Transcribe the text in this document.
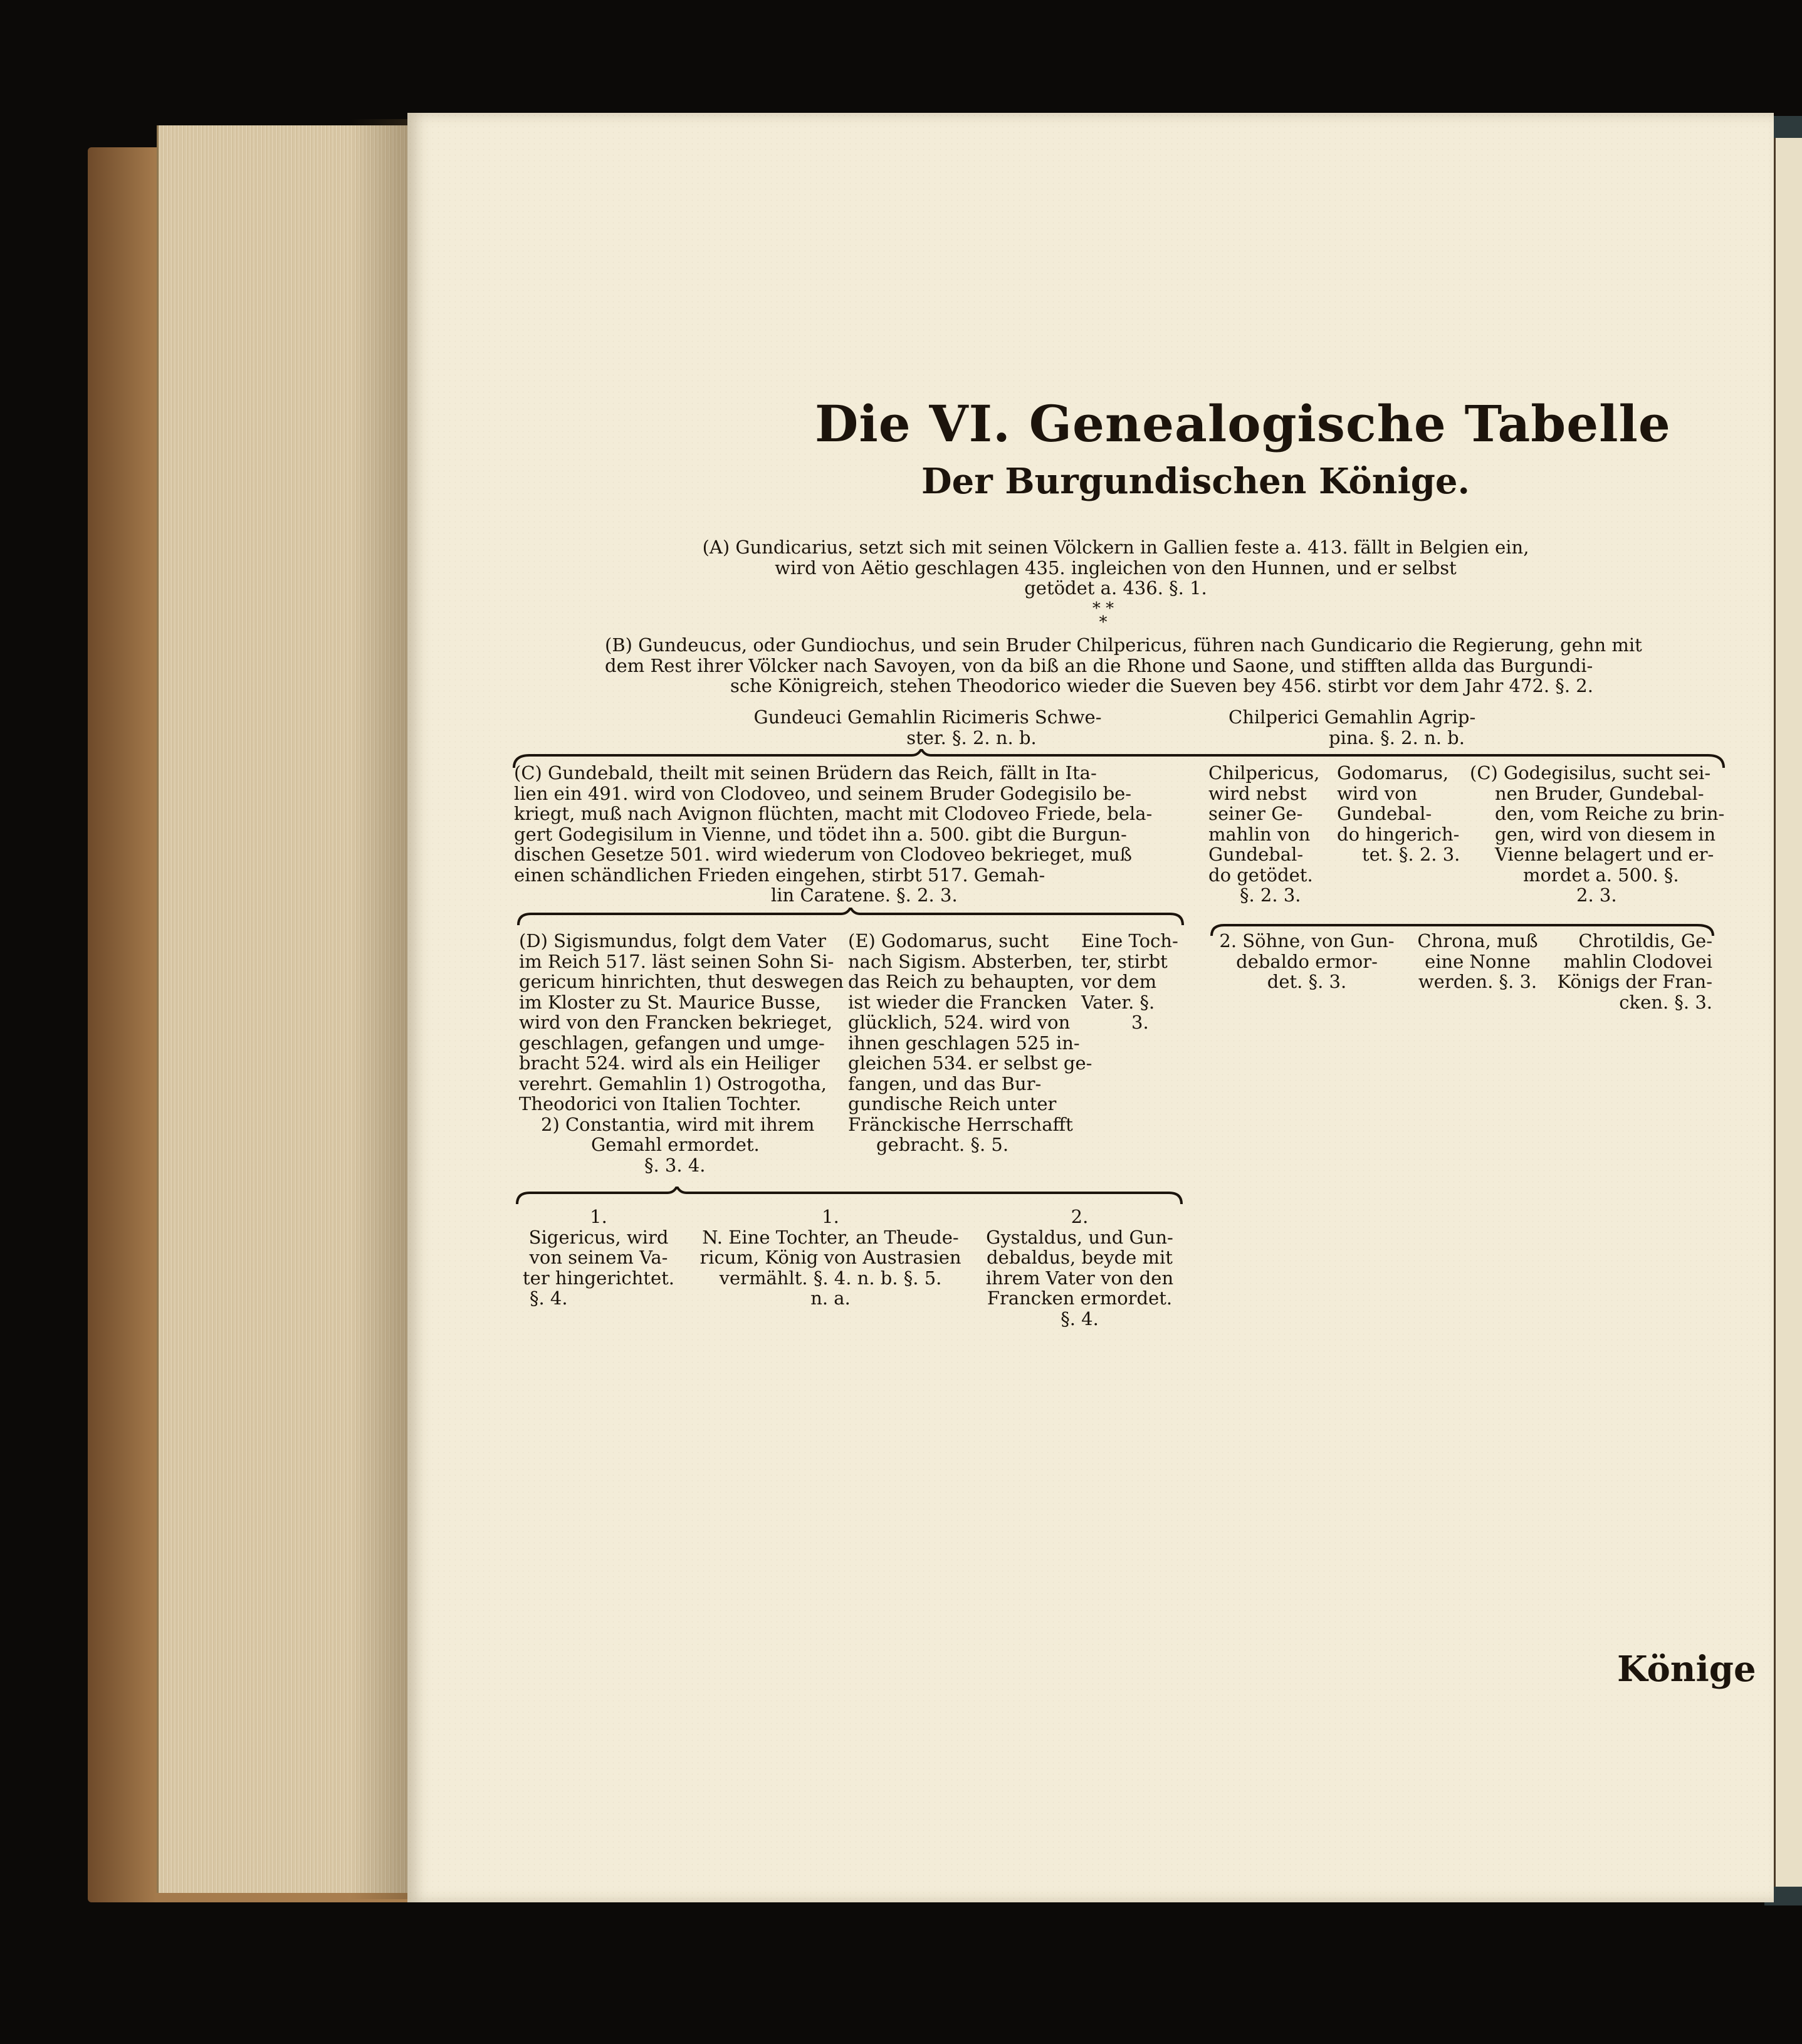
Die VI. Genealogische Tabelle
Der Burgundischen Könige.

(A) Gundicarius, setzt sich mit seinen Völckern in Gallien feste a. 413. fällt in Belgien ein,

wird von Aëtio geschlagen 435. ingleichen von den Hunnen, und er selbst

getödet a. 436. §. 1.

* *
*

(B) Gundeucus, oder Gundiochus, und sein Bruder Chilpericus, führen nach Gundicario die Regierung, gehn mit

dem Rest ihrer Völcker nach Savoyen, von da biß an die Rhone und Saone, und stifften allda das Burgundi-

sche Königreich, stehen Theodorico wieder die Sueven bey 456. stirbt vor dem Jahr 472. §. 2.

Gundeuci Gemahlin Ricimeris Schwe-

ster. §. 2. n. b.

Chilperici Gemahlin Agrip-

pina. §. 2. n. b.

(C) Gundebald, theilt mit seinen Brüdern das Reich, fällt in Ita-

lien ein 491. wird von Clodoveo, und seinem Bruder Godegisilo be-

kriegt, muß nach Avignon flüchten, macht mit Clodoveo Friede, bela-

gert Godegisilum in Vienne, und tödet ihn a. 500. gibt die Burgun-

dischen Gesetze 501. wird wiederum von Clodoveo bekrieget, muß

einen schändlichen Frieden eingehen, stirbt 517. Gemah-

lin Caratene. §. 2. 3.

Chilpericus,

wird nebst

seiner Ge-

mahlin von

Gundebal-

do getödet.

§. 2. 3.

Godomarus,

wird von

Gundebal-

do hingerich-

tet. §. 2. 3.

(C) Godegisilus, sucht sei-

nen Bruder, Gundebal-

den, vom Reiche zu brin-

gen, wird von diesem in

Vienne belagert und er-

mordet a. 500. §.

2. 3.

(D) Sigismundus, folgt dem Vater

im Reich 517. läst seinen Sohn Si-

gericum hinrichten, thut deswegen

im Kloster zu St. Maurice Busse,

wird von den Francken bekrieget,

geschlagen, gefangen und umge-

bracht 524. wird als ein Heiliger

verehrt. Gemahlin 1) Ostrogotha,

Theodorici von Italien Tochter.

2) Constantia, wird mit ihrem

Gemahl ermordet.

§. 3. 4.

(E) Godomarus, sucht

nach Sigism. Absterben,

das Reich zu behaupten,

ist wieder die Francken

glücklich, 524. wird von

ihnen geschlagen 525 in-

gleichen 534. er selbst ge-

fangen, und das Bur-

gundische Reich unter

Fränckische Herrschafft

gebracht. §. 5.

Eine Toch-

ter, stirbt

vor dem

Vater. §.

3.

2. Söhne, von Gun-

debaldo ermor-

det. §. 3.

Chrona, muß

eine Nonne

werden. §. 3.

Chrotildis, Ge-

mahlin Clodovei

Königs der Fran-

cken. §. 3.

1.

Sigericus, wird

von seinem Va-

ter hingerichtet.

§. 4.

1.

N. Eine Tochter, an Theude-

ricum, König von Austrasien

vermählt. §. 4. n. b. §. 5.

n. a.

2.

Gystaldus, und Gun-

debaldus, beyde mit

ihrem Vater von den

Francken ermordet.

§. 4.

Könige
